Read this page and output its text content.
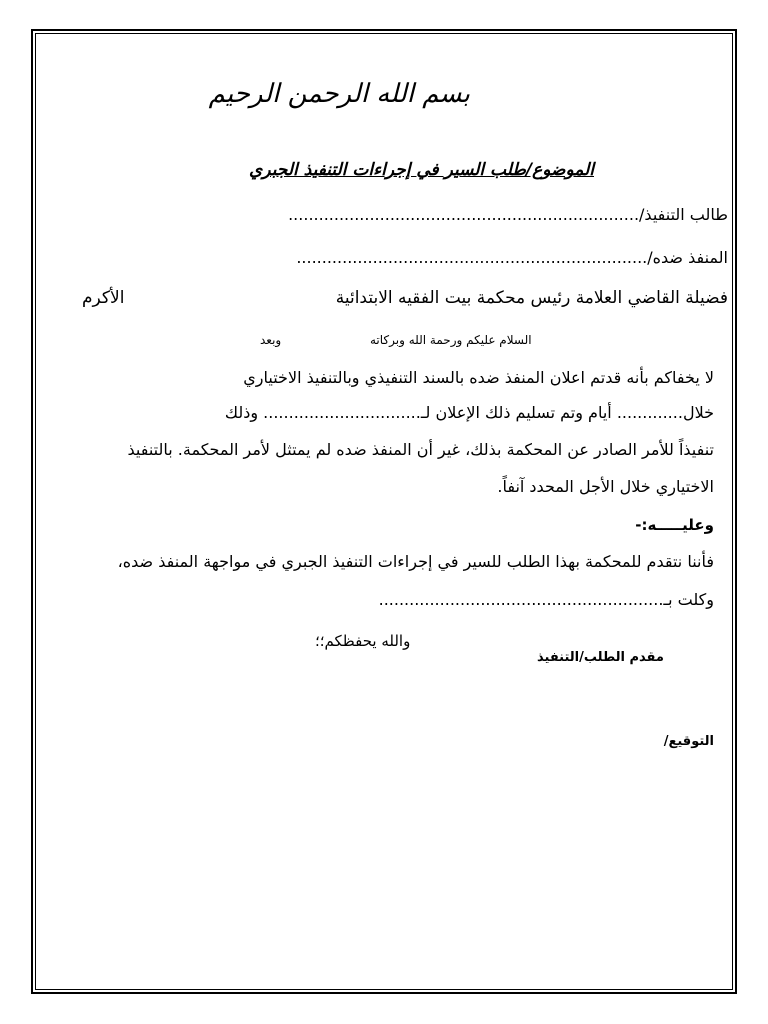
بسم الله الرحمن الرحيم
الموضوع/طلب السير في إجراءات التنفيذ الجبري
طالب التنفيذ/.....................................................................
المنفذ ضده/.....................................................................
فضيلة القاضي العلامة رئيس محكمة بيت الفقيه الابتدائية
الأكرم
السلام عليكم ورحمة الله وبركاته
وبعد
لا يخفاكم بأنه قدتم اعلان المنفذ ضده بالسند التنفيذي وبالتنفيذ الاختياري
خلال............. أيام وتم تسليم ذلك الإعلان لـ............................... وذلك
تنفيذاً للأمر الصادر عن المحكمة بذلك، غير أن المنفذ ضده لم يمتثل لأمر المحكمة. بالتنفيذ
الاختياري خلال الأجل المحدد آنفاً.
وعليـــــه:-
فأننا نتقدم للمحكمة بهذا الطلب للسير في إجراءات التنفيذ الجبري في مواجهة المنفذ ضده،
وكلت بـ........................................................
والله يحفظكم؛؛
مقدم الطلب/التنفيذ
التوقيع/
